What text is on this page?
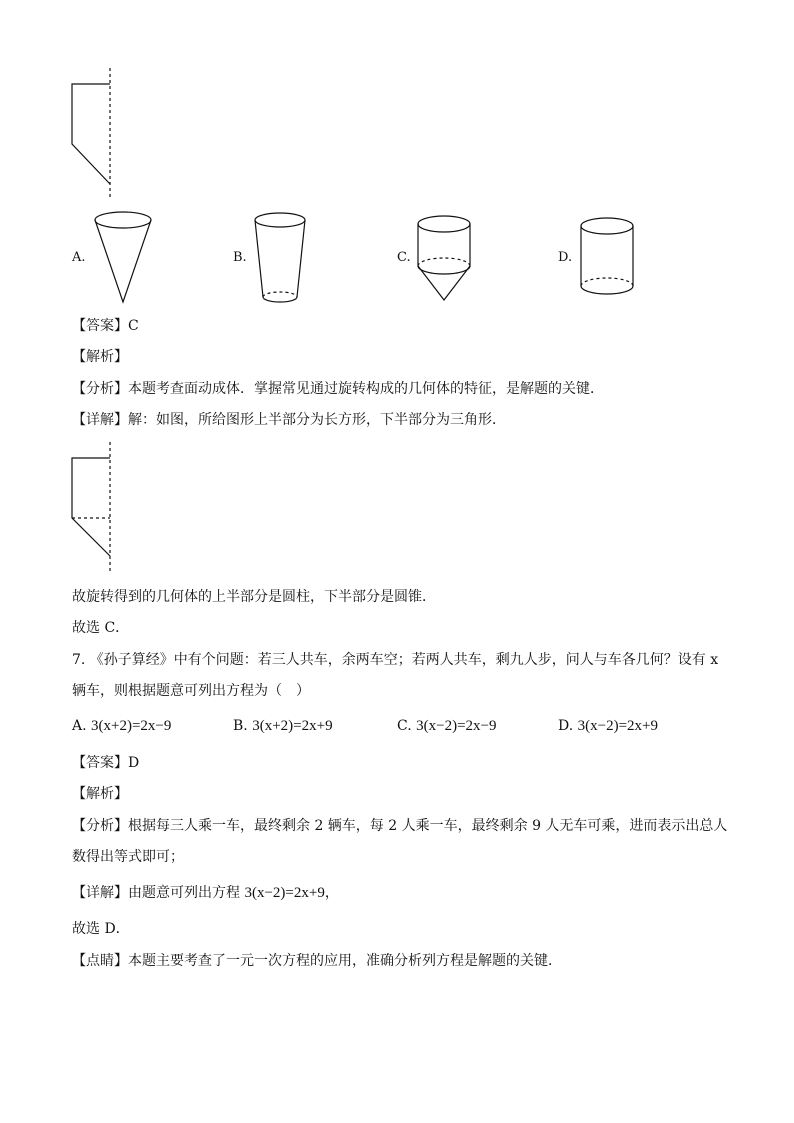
A.	B.	C.	D.
【答案】C
【解析】
【分析】本题考查面动成体．掌握常见通过旋转构成的几何体的特征，是解题的关键．
【详解】解：如图，所给图形上半部分为长方形，下半部分为三角形．
故旋转得到的几何体的上半部分是圆柱，下半部分是圆锥．
故选 C．
7. 《孙子算经》中有个问题：若三人共车，余两车空；若两人共车，剩九人步，问人与车各几何？设有 x
辆车，则根据题意可列出方程为（　）
A. 3(x+2)=2x−9	B. 3(x+2)=2x+9	C. 3(x−2)=2x−9	D. 3(x−2)=2x+9
【答案】D
【解析】
【分析】根据每三人乘一车，最终剩余 2 辆车，每 2 人乘一车，最终剩余 9 人无车可乘，进而表示出总人
数得出等式即可；
【详解】由题意可列出方程 3(x−2)=2x+9，
故选 D．
【点睛】本题主要考查了一元一次方程的应用，准确分析列方程是解题的关键．
